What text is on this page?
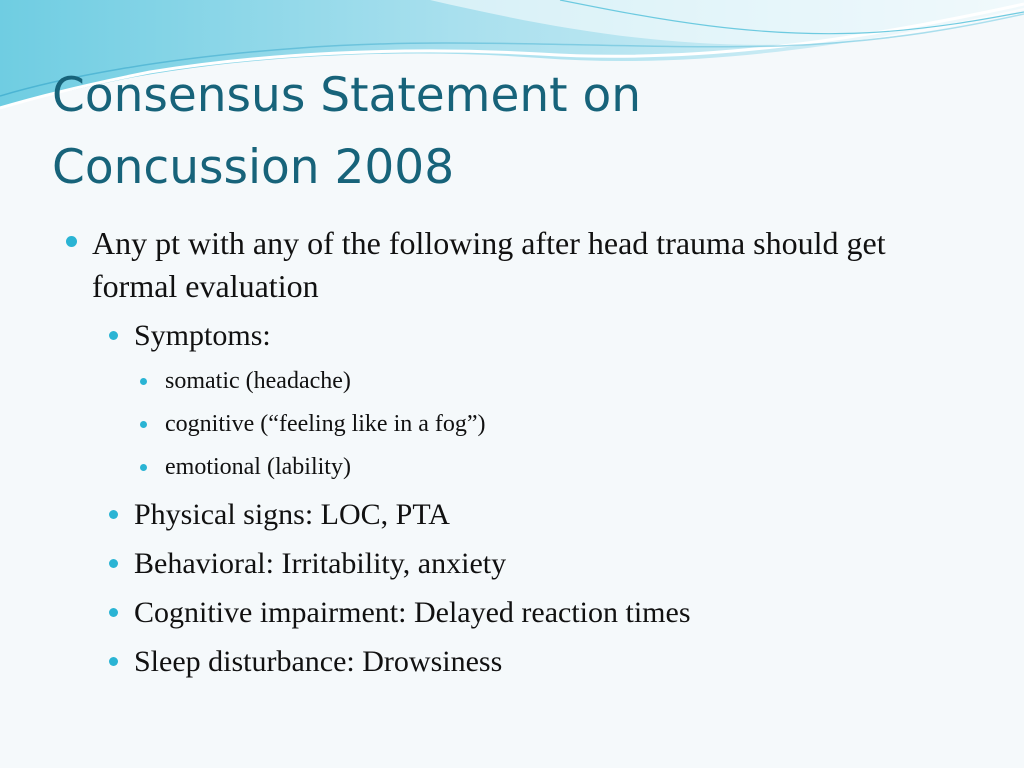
Consensus Statement on
Concussion 2008
Any pt with any of the following after head trauma should get formal evaluation
Symptoms:
somatic (headache)
cognitive (“feeling like in a fog”)
emotional (lability)
Physical signs: LOC, PTA
Behavioral: Irritability, anxiety
Cognitive impairment: Delayed reaction times
Sleep disturbance: Drowsiness
